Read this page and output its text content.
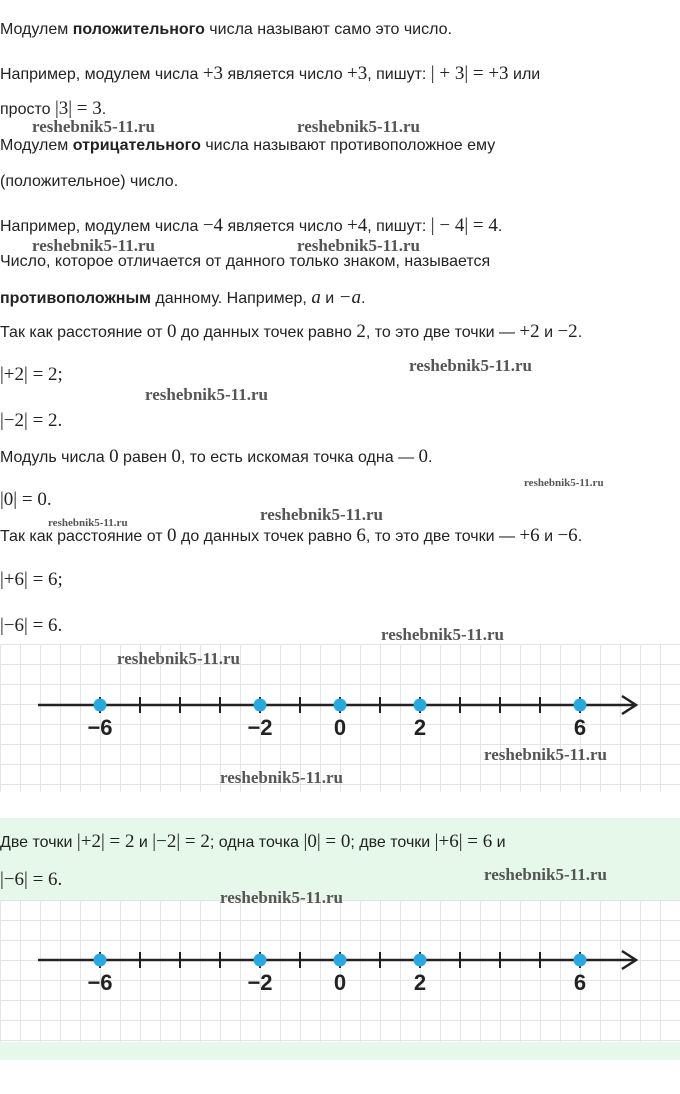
Модулем положительного числа называют само это число.
Например, модулем числа +3 является число +3, пишут: | + 3| = +3 или
просто |3| = 3.
Модулем отрицательного числа называют противоположное ему
(положительное) число.
Например, модулем числа −4 является число +4, пишут: | − 4| = 4.
Число, которое отличается от данного только знаком, называется
противоположным данному. Например, a и −a.
Так как расстояние от 0 до данных точек равно 2, то это две точки — +2 и −2.
|+2| = 2;
|−2| = 2.
Модуль числа 0 равен 0, то есть искомая точка одна — 0.
|0| = 0.
Так как расстояние от 0 до данных точек равно 6, то это две точки — +6 и −6.
|+6| = 6;
|−6| = 6.
−6	−2	0	2	6
Две точки |+2| = 2 и |−2| = 2; одна точка |0| = 0; две точки |+6| = 6 и
|−6| = 6.
−6	−2	0	2	6
reshebnik5-11.ru	reshebnik5-11.ru
reshebnik5-11.ru	reshebnik5-11.ru
reshebnik5-11.ru
reshebnik5-11.ru
reshebnik5-11.ru
reshebnik5-11.ru
reshebnik5-11.ru
reshebnik5-11.ru
reshebnik5-11.ru
reshebnik5-11.ru
reshebnik5-11.ru
reshebnik5-11.ru
reshebnik5-11.ru
